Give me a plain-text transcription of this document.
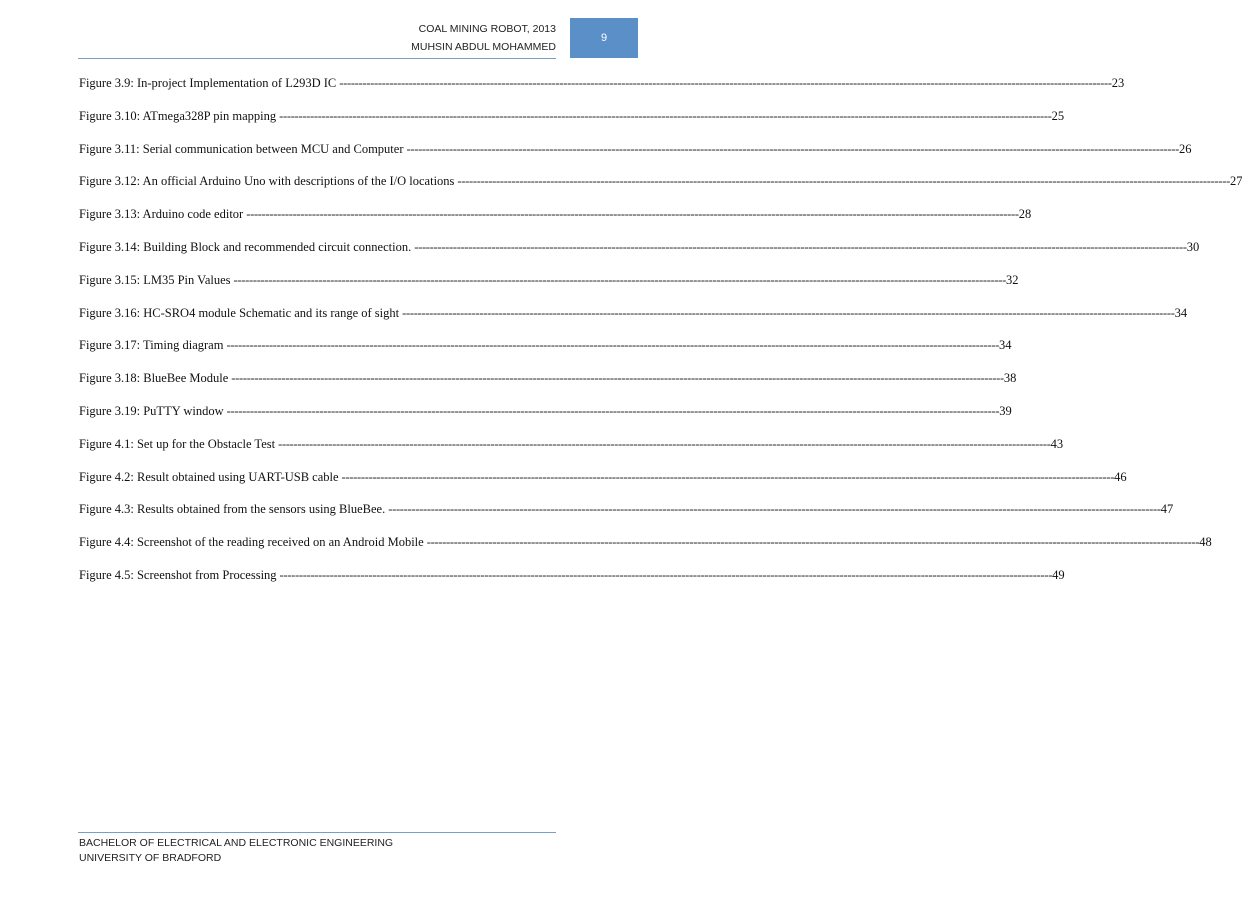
COAL MINING ROBOT, 2013
MUHSIN ABDUL MOHAMMED
9
Figure 3.9: In-project Implementation of L293D IC -------------------------------------------------------------------------------------------------------------------------------------------------------------------------------------------------------- 23
Figure 3.10: ATmega328P pin mapping -------------------------------------------------------------------------------------------------------------------------------------------------------------------------------------------------------- 25
Figure 3.11: Serial communication between MCU and Computer -------------------------------------------------------------------------------------------------------------------------------------------------------------------------------------------------------- 26
Figure 3.12: An official Arduino Uno with descriptions of the I/O locations -------------------------------------------------------------------------------------------------------------------------------------------------------------------------------------------------------- 27
Figure 3.13: Arduino code editor -------------------------------------------------------------------------------------------------------------------------------------------------------------------------------------------------------- 28
Figure 3.14: Building Block and recommended circuit connection. -------------------------------------------------------------------------------------------------------------------------------------------------------------------------------------------------------- 30
Figure 3.15: LM35 Pin Values -------------------------------------------------------------------------------------------------------------------------------------------------------------------------------------------------------- 32
Figure 3.16: HC-SRO4 module Schematic and its range of sight -------------------------------------------------------------------------------------------------------------------------------------------------------------------------------------------------------- 34
Figure 3.17: Timing diagram -------------------------------------------------------------------------------------------------------------------------------------------------------------------------------------------------------- 34
Figure 3.18: BlueBee Module -------------------------------------------------------------------------------------------------------------------------------------------------------------------------------------------------------- 38
Figure 3.19: PuTTY window -------------------------------------------------------------------------------------------------------------------------------------------------------------------------------------------------------- 39
Figure 4.1: Set up for the Obstacle Test -------------------------------------------------------------------------------------------------------------------------------------------------------------------------------------------------------- 43
Figure 4.2: Result obtained using UART-USB cable -------------------------------------------------------------------------------------------------------------------------------------------------------------------------------------------------------- 46
Figure 4.3: Results obtained from the sensors using BlueBee. -------------------------------------------------------------------------------------------------------------------------------------------------------------------------------------------------------- 47
Figure 4.4: Screenshot of the reading received on an Android Mobile -------------------------------------------------------------------------------------------------------------------------------------------------------------------------------------------------------- 48
Figure 4.5: Screenshot from Processing -------------------------------------------------------------------------------------------------------------------------------------------------------------------------------------------------------- 49
BACHELOR OF ELECTRICAL AND ELECTRONIC ENGINEERING
UNIVERSITY OF BRADFORD
